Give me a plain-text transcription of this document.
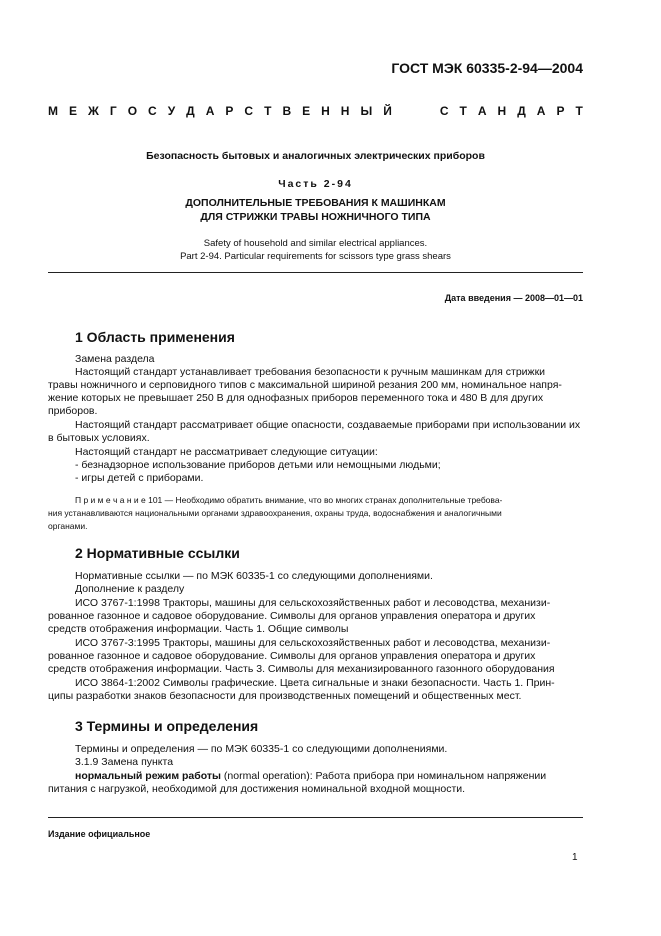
ГОСТ МЭК 60335-2-94—2004
М Е Ж Г О С У Д А Р С Т В Е Н Н Ы Й	С Т А Н Д А Р Т
Безопасность бытовых и аналогичных электрических приборов
Часть 2-94
ДОПОЛНИТЕЛЬНЫЕ ТРЕБОВАНИЯ К МАШИНКАМ
ДЛЯ СТРИЖКИ ТРАВЫ НОЖНИЧНОГО ТИПА
Safety of household and similar electrical appliances.
Part 2-94. Particular requirements for scissors type grass shears
Дата введения — 2008—01—01
1 Область применения
Замена раздела
Настоящий стандарт устанавливает требования безопасности к ручным машинкам для стрижки
травы ножничного и серповидного типов с максимальной шириной резания 200 мм, номинальное напря-
жение которых не превышает 250 В для однофазных приборов переменного тока и 480 В для других
приборов.
Настоящий стандарт рассматривает общие опасности, создаваемые приборами при использовании их
в бытовых условиях.
Настоящий стандарт не рассматривает следующие ситуации:
- безнадзорное использование приборов детьми или немощными людьми;
- игры детей с приборами.
П р и м е ч а н и е 101 — Необходимо обратить внимание, что во многих странах дополнительные требова-
ния устанавливаются национальными органами здравоохранения, охраны труда, водоснабжения и аналогичными
органами.
2 Нормативные ссылки
Нормативные ссылки — по МЭК 60335-1 со следующими дополнениями.
Дополнение к разделу
ИСО 3767-1:1998 Тракторы, машины для сельскохозяйственных работ и лесоводства, механизи-
рованное газонное и садовое оборудование. Символы для органов управления оператора и других
средств отображения информации. Часть 1. Общие символы
ИСО 3767-3:1995 Тракторы, машины для сельскохозяйственных работ и лесоводства, механизи-
рованное газонное и садовое оборудование. Символы для органов управления оператора и других
средств отображения информации. Часть 3. Символы для механизированного газонного оборудования
ИСО 3864-1:2002 Символы графические. Цвета сигнальные и знаки безопасности. Часть 1. Прин-
ципы разработки знаков безопасности для производственных помещений и общественных мест.
3 Термины и определения
Термины и определения — по МЭК 60335-1 со следующими дополнениями.
3.1.9 Замена пункта
нормальный режим работы (normal operation): Работа прибора при номинальном напряжении
питания с нагрузкой, необходимой для достижения номинальной входной мощности.
Издание официальное
1
